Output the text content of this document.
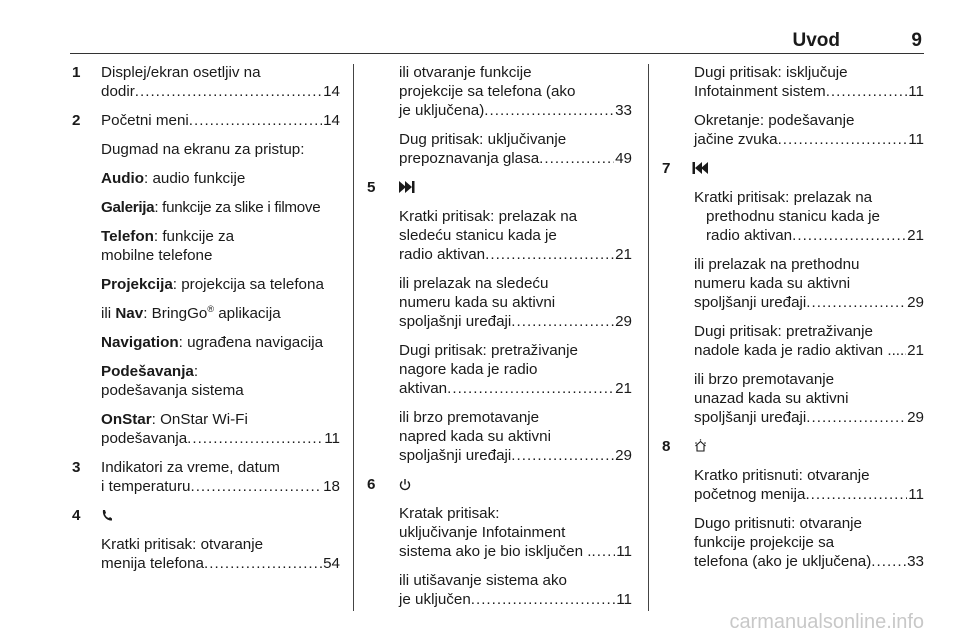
Uvod	9
1 Displej/ekran osetljiv na
dodir .....	14
2 Početni meni .....	14
Dugmad na ekranu za pristup:
Audio: audio funkcije
Galerija: funkcije za slike i filmove
Telefon: funkcije za
mobilne telefone
Projekcija: projekcija sa telefona
ili Nav: BringGo® aplikacija
Navigation: ugrađena navigacija
Podešavanja:
podešavanja sistema
OnStar: OnStar Wi-Fi
podešavanja .....	11
3 Indikatori za vreme, datum
i temperaturu .....	18
4
Kratki pritisak: otvaranje
menija telefona .....	54
ili otvaranje funkcije
projekcije sa telefona (ako
je uključena) .....	33
Dug pritisak: uključivanje
prepoznavanja glasa .....	49
5
Kratki pritisak: prelazak na
sledeću stanicu kada je
radio aktivan .....	21
ili prelazak na sledeću
numeru kada su aktivni
spoljašnji uređaji .....	29
Dugi pritisak: pretraživanje
nagore kada je radio
aktivan .....	21
ili brzo premotavanje
napred kada su aktivni
spoljašnji uređaji .....	29
6
Kratak pritisak:
uključivanje Infotainment
sistema ako je bio isključen . ..... 11
ili utišavanje sistema ako
je uključen .....	11
Dugi pritisak: isključuje
Infotainment sistem .....	11
Okretanje: podešavanje
jačine zvuka .....	11
7
Kratki pritisak: prelazak na
prethodnu stanicu kada je
radio aktivan .....	21
ili prelazak na prethodnu
numeru kada su aktivni
spoljšanji uređaji .....	29
Dugi pritisak: pretraživanje
nadole kada je radio aktivan . ..... 21
ili brzo premotavanje
unazad kada su aktivni
spoljšanji uređaji .....	29
8
Kratko pritisnuti: otvaranje
početnog menija .....	11
Dugo pritisnuti: otvaranje
funkcije projekcije sa
telefona (ako je uključena) ..... 33
carmanualsonline.info
